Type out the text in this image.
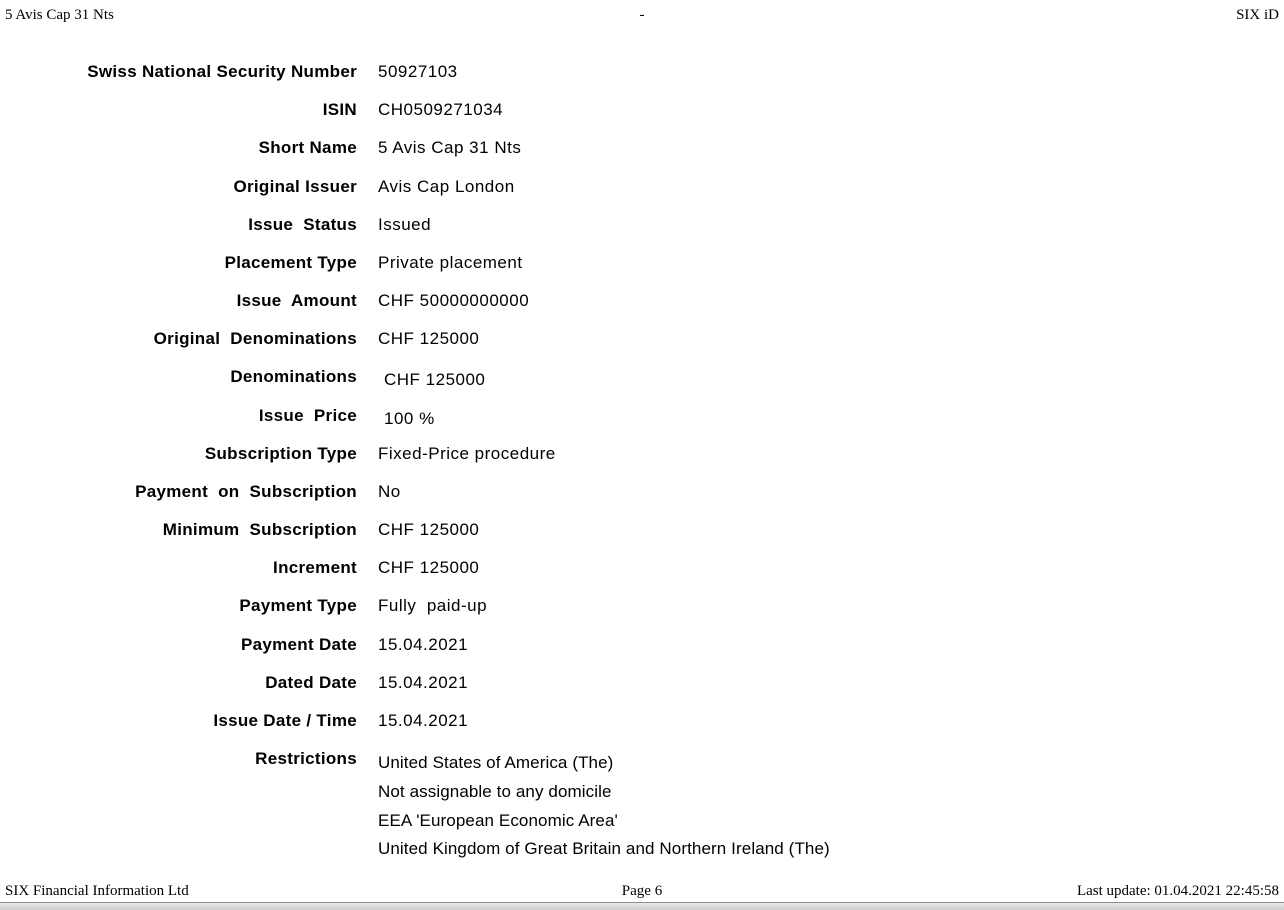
5 Avis Cap 31 Nts	-	SIX iD
Swiss National Security Number 50927103
ISIN CH0509271034
Short Name 5 Avis Cap 31 Nts
Original Issuer Avis Cap London
Issue  Status Issued
Placement Type Private placement
Issue  Amount CHF 50000000000
Original  Denominations CHF 125000
Denominations CHF 125000
Issue  Price 100 %
Subscription Type Fixed-Price procedure
Payment  on  Subscription No
Minimum  Subscription CHF 125000
Increment CHF 125000
Payment Type Fully  paid-up
Payment Date 15.04.2021
Dated Date 15.04.2021
Issue Date / Time 15.04.2021
Restrictions United States of America (The)
Not assignable to any domicile
EEA 'European Economic Area'
United Kingdom of Great Britain and Northern Ireland (The)
SIX Financial Information Ltd	Page 6	Last update: 01.04.2021 22:45:58
